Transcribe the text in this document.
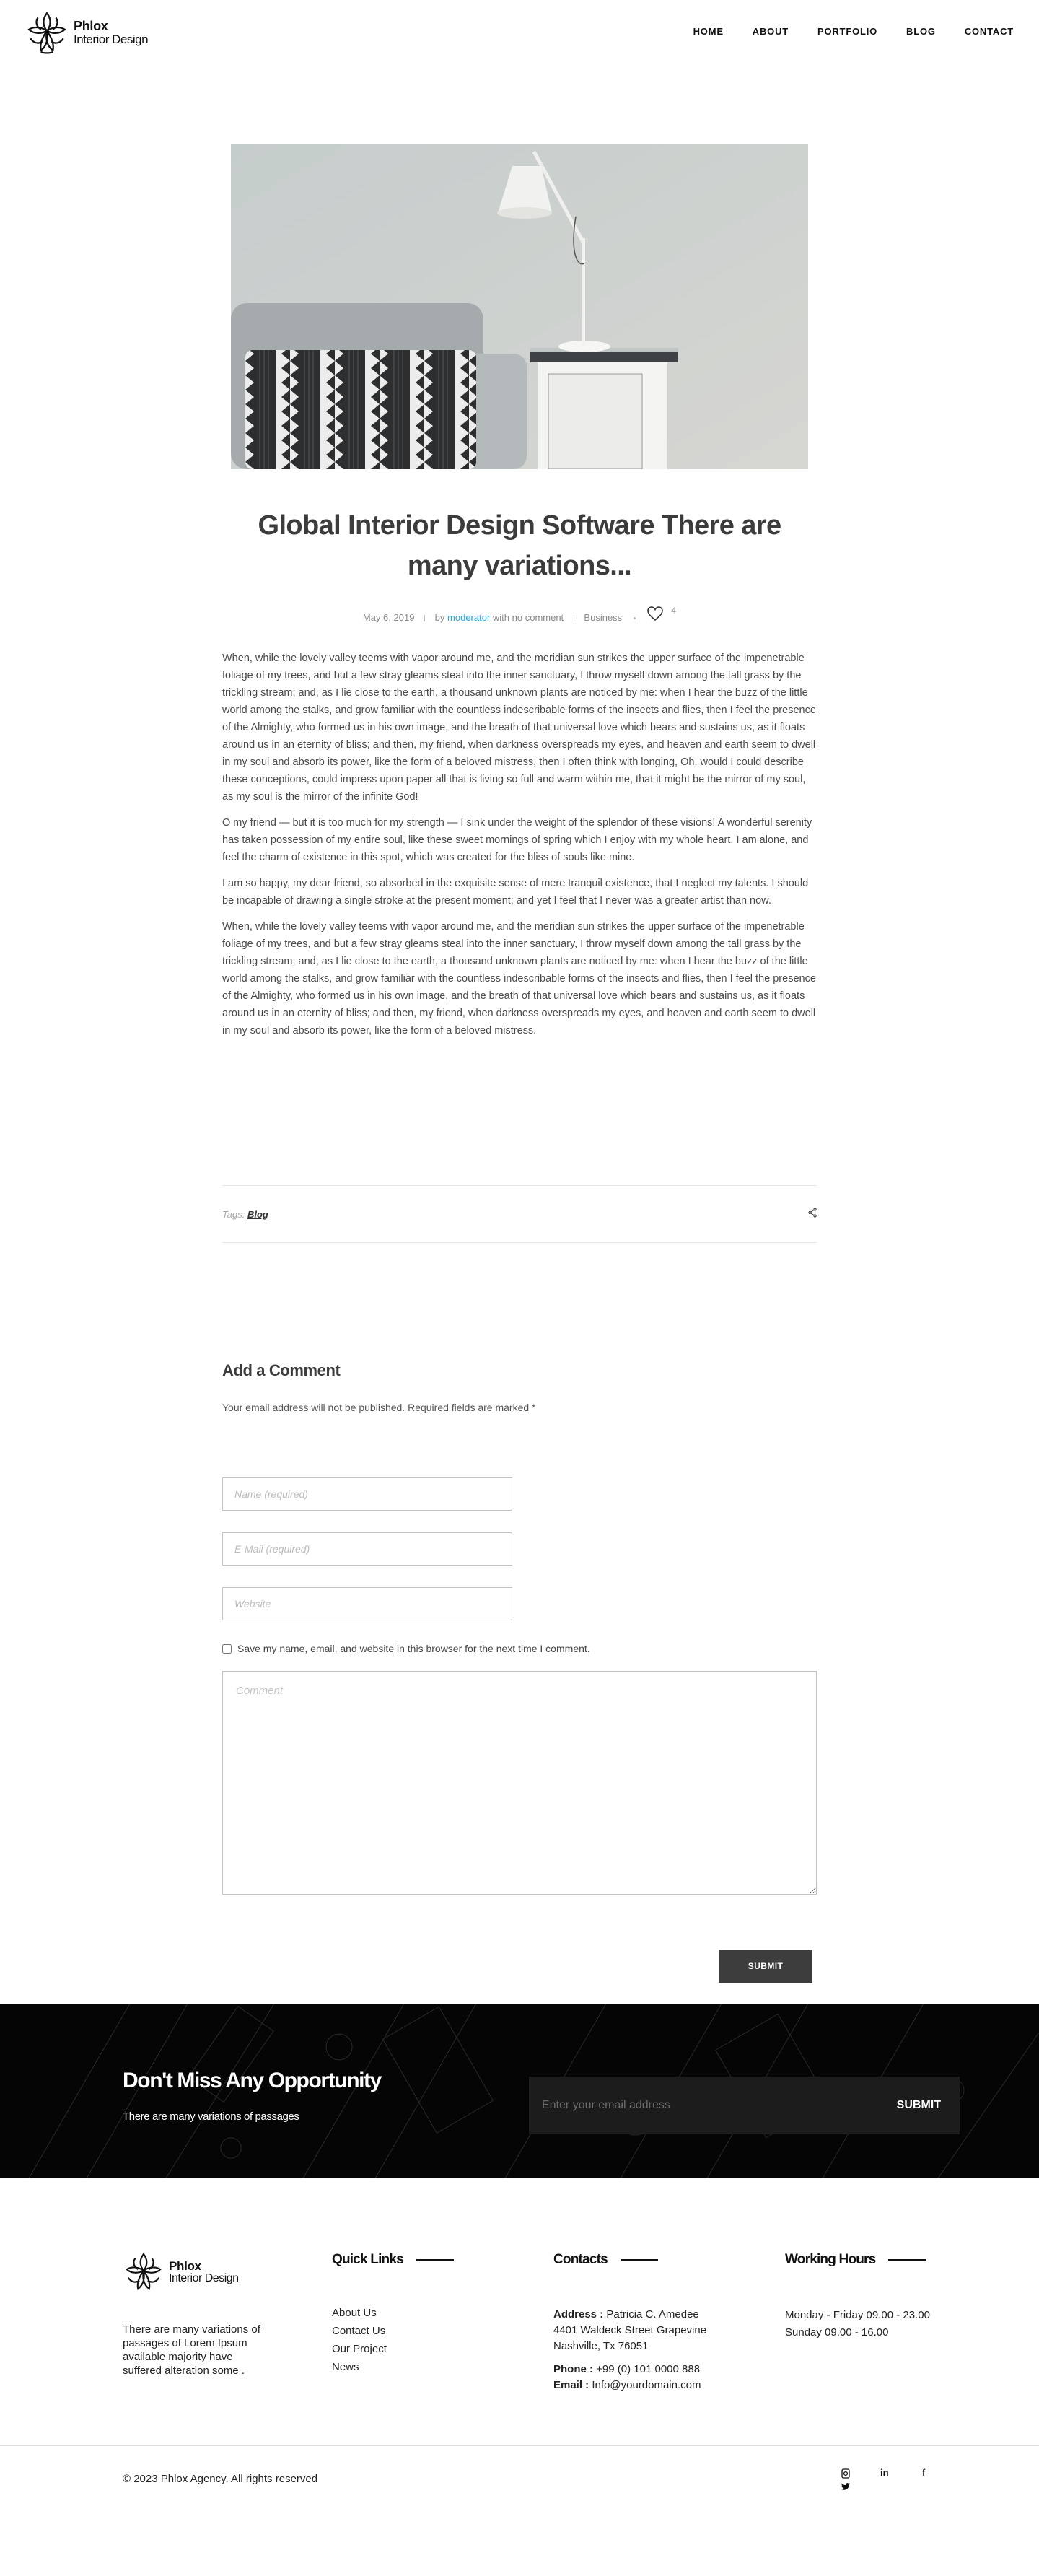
Phlox
Interior Design
HOME	ABOUT	PORTFOLIO	BLOG	CONTACT
Global Interior Design Software There are many variations...
May 6, 2019 by moderator with no comment Business
4

When, while the lovely valley teems with vapor around me, and the meridian sun strikes the upper surface of the impenetrable foliage of my trees, and but a few stray gleams steal into the inner sanctuary, I throw myself down among the tall grass by the trickling stream; and, as I lie close to the earth, a thousand unknown plants are noticed by me: when I hear the buzz of the little world among the stalks, and grow familiar with the countless indescribable forms of the insects and flies, then I feel the presence of the Almighty, who formed us in his own image, and the breath of that universal love which bears and sustains us, as it floats around us in an eternity of bliss; and then, my friend, when darkness overspreads my eyes, and heaven and earth seem to dwell in my soul and absorb its power, like the form of a beloved mistress, then I often think with longing, Oh, would I could describe these conceptions, could impress upon paper all that is living so full and warm within me, that it might be the mirror of my soul, as my soul is the mirror of the infinite God!

O my friend — but it is too much for my strength — I sink under the weight of the splendor of these visions! A wonderful serenity has taken possession of my entire soul, like these sweet mornings of spring which I enjoy with my whole heart. I am alone, and feel the charm of existence in this spot, which was created for the bliss of souls like mine.

I am so happy, my dear friend, so absorbed in the exquisite sense of mere tranquil existence, that I neglect my talents. I should be incapable of drawing a single stroke at the present moment; and yet I feel that I never was a greater artist than now.

When, while the lovely valley teems with vapor around me, and the meridian sun strikes the upper surface of the impenetrable foliage of my trees, and but a few stray gleams steal into the inner sanctuary, I throw myself down among the tall grass by the trickling stream; and, as I lie close to the earth, a thousand unknown plants are noticed by me: when I hear the buzz of the little world among the stalks, and grow familiar with the countless indescribable forms of the insects and flies, then I feel the presence of the Almighty, who formed us in his own image, and the breath of that universal love which bears and sustains us, as it floats around us in an eternity of bliss; and then, my friend, when darkness overspreads my eyes, and heaven and earth seem to dwell in my soul and absorb its power, like the form of a beloved mistress.

Tags: Blog
Add a Comment

Your email address will not be published. Required fields are marked *

Name (required)
E-Mail (required)
Website
Save my name, email, and website in this browser for the next time I comment.
Comment
SUBMIT
Don't Miss Any Opportunity

There are many variations of passages

Enter your email address
SUBMIT
Phlox
Interior Design

There are many variations of passages of Lorem Ipsum available majority have suffered alteration some .

Quick Links
About Us
Contact Us
Our Project
News
Contacts
Address : Patricia C. Amedee
4401 Waldeck Street Grapevine
Nashville, Tx 76051
Phone : +99 (0) 101 0000 888
Email : Info@yourdomain.com
Working Hours
Monday - Friday 09.00 - 23.00
Sunday 09.00 - 16.00

© 2023 Phlox Agency. All rights reserved

in	f
